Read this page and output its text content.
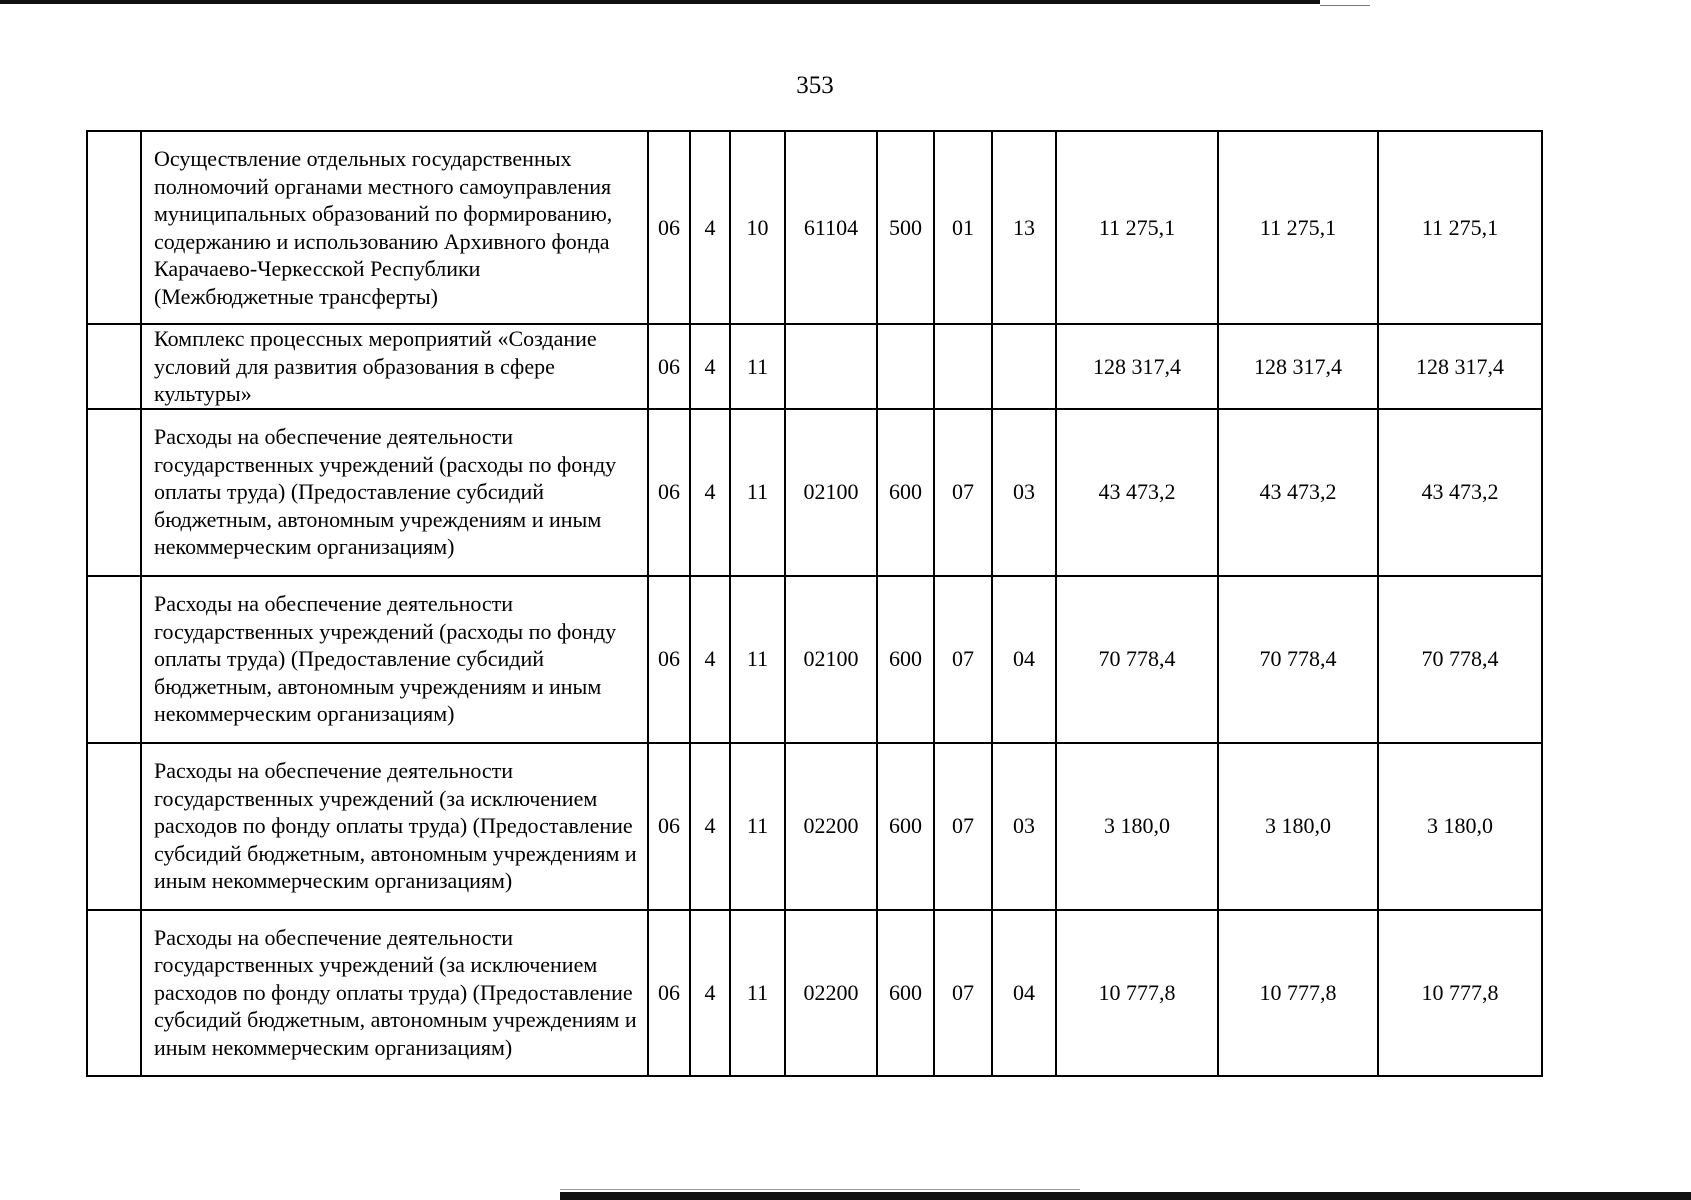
353
	Осуществление отдельных государственных полномочий органами местного самоуправления муниципальных образований по формированию, содержанию и использованию Архивного фонда Карачаево-Черкесской Республики (Межбюджетные трансферты)	06	4	10	61104	500	01	13	11 275,1	11 275,1	11 275,1
	Комплекс процессных мероприятий «Создание условий для развития образования в сфере культуры»	06	4	11					128 317,4	128 317,4	128 317,4
	Расходы на обеспечение деятельности государственных учреждений (расходы по фонду оплаты труда) (Предоставление субсидий бюджетным, автономным учреждениям и иным некоммерческим организациям)	06	4	11	02100	600	07	03	43 473,2	43 473,2	43 473,2
	Расходы на обеспечение деятельности государственных учреждений (расходы по фонду оплаты труда) (Предоставление субсидий бюджетным, автономным учреждениям и иным некоммерческим организациям)	06	4	11	02100	600	07	04	70 778,4	70 778,4	70 778,4
	Расходы на обеспечение деятельности государственных учреждений (за исключением расходов по фонду оплаты труда) (Предоставление субсидий бюджетным, автономным учреждениям и иным некоммерческим организациям)	06	4	11	02200	600	07	03	3 180,0	3 180,0	3 180,0
	Расходы на обеспечение деятельности государственных учреждений (за исключением расходов по фонду оплаты труда) (Предоставление субсидий бюджетным, автономным учреждениям и иным некоммерческим организациям)	06	4	11	02200	600	07	04	10 777,8	10 777,8	10 777,8
